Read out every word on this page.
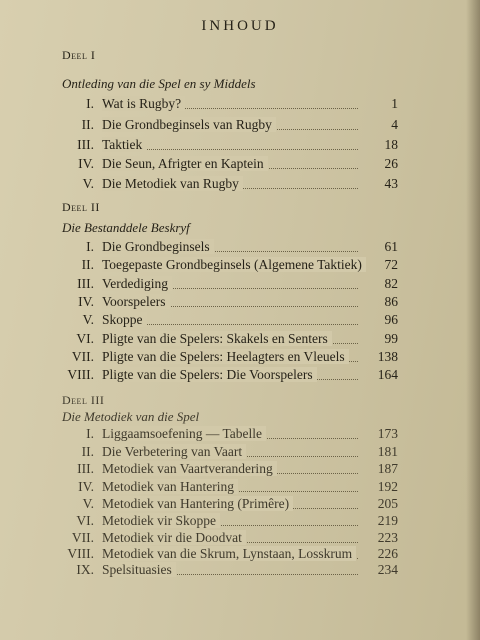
INHOUD
Deel I
Ontleding van die Spel en sy Middels
I. Wat is Rugby?	1
II. Die Grondbeginsels van Rugby	4
III. Taktiek	18
IV. Die Seun, Afrigter en Kaptein	26
V. Die Metodiek van Rugby	43
Deel II
Die Bestanddele Beskryf
I. Die Grondbeginsels	61
II. Toegepaste Grondbeginsels (Algemene Taktiek)	72
III. Verdediging	82
IV. Voorspelers	86
V. Skoppe	96
VI. Pligte van die Spelers: Skakels en Senters	99
VII. Pligte van die Spelers: Heelagters en Vleuels	138
VIII. Pligte van die Spelers: Die Voorspelers	164
Deel III
Die Metodiek van die Spel
I. Liggaamsoefening — Tabelle	173
II. Die Verbetering van Vaart	181
III. Metodiek van Vaartverandering	187
IV. Metodiek van Hantering	192
V. Metodiek van Hantering (Primêre)	205
VI. Metodiek vir Skoppe	219
VII. Metodiek vir die Doodvat	223
VIII. Metodiek van die Skrum, Lynstaan, Losskrum	226
IX. Spelsituasies	234
